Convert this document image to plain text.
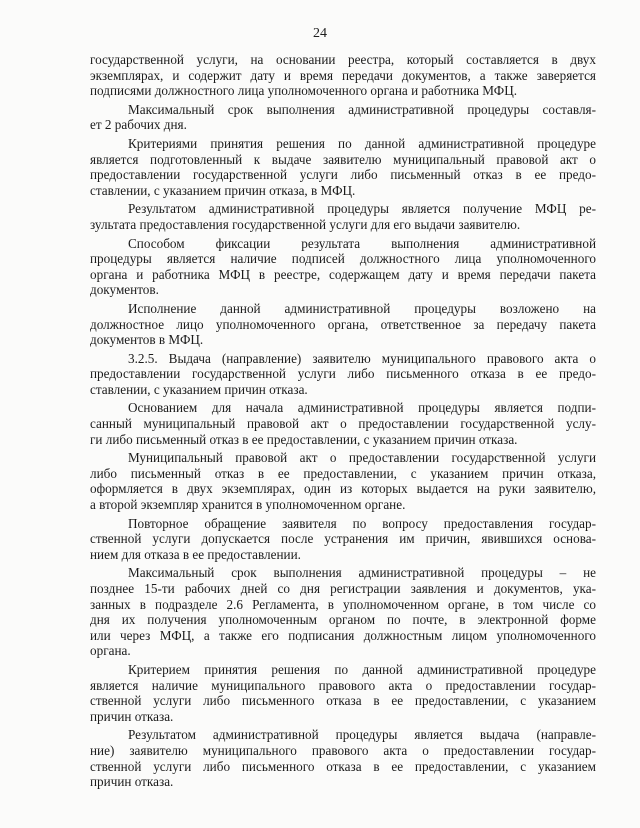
24
государственной услуги, на основании реестра, который составляется в двух
экземплярах, и содержит дату и время передачи документов, а также заверяется
подписями должностного лица уполномоченного органа и работника МФЦ.
Максимальный срок выполнения административной процедуры составля-
ет 2 рабочих дня.
Критериями принятия решения по данной административной процедуре
является подготовленный к выдаче заявителю муниципальный правовой акт о
предоставлении государственной услуги либо письменный отказ в ее предо-
ставлении, с указанием причин отказа, в МФЦ.
Результатом административной процедуры является получение МФЦ ре-
зультата предоставления государственной услуги для его выдачи заявителю.
Способом фиксации результата выполнения административной
процедуры является наличие подписей должностного лица уполномоченного
органа и работника МФЦ в реестре, содержащем дату и время передачи пакета
документов.
Исполнение данной административной процедуры возложено на
должностное лицо уполномоченного органа, ответственное за передачу пакета
документов в МФЦ.
3.2.5. Выдача (направление) заявителю муниципального правового акта о
предоставлении государственной услуги либо письменного отказа в ее предо-
ставлении, с указанием причин отказа.
Основанием для начала административной процедуры является подпи-
санный муниципальный правовой акт о предоставлении государственной услу-
ги либо письменный отказ в ее предоставлении, с указанием причин отказа.
Муниципальный правовой акт о предоставлении государственной услуги
либо письменный отказ в ее предоставлении, с указанием причин отказа,
оформляется в двух экземплярах, один из которых выдается на руки заявителю,
а второй экземпляр хранится в уполномоченном органе.
Повторное обращение заявителя по вопросу предоставления государ-
ственной услуги допускается после устранения им причин, явившихся основа-
нием для отказа в ее предоставлении.
Максимальный срок выполнения административной процедуры – не
позднее 15-ти рабочих дней со дня регистрации заявления и документов, ука-
занных в подразделе 2.6 Регламента, в уполномоченном органе, в том числе со
дня их получения уполномоченным органом по почте, в электронной форме
или через МФЦ, а также его подписания должностным лицом уполномоченного
органа.
Критерием принятия решения по данной административной процедуре
является наличие муниципального правового акта о предоставлении государ-
ственной услуги либо письменного отказа в ее предоставлении, с указанием
причин отказа.
Результатом административной процедуры является выдача (направле-
ние) заявителю муниципального правового акта о предоставлении государ-
ственной услуги либо письменного отказа в ее предоставлении, с указанием
причин отказа.
